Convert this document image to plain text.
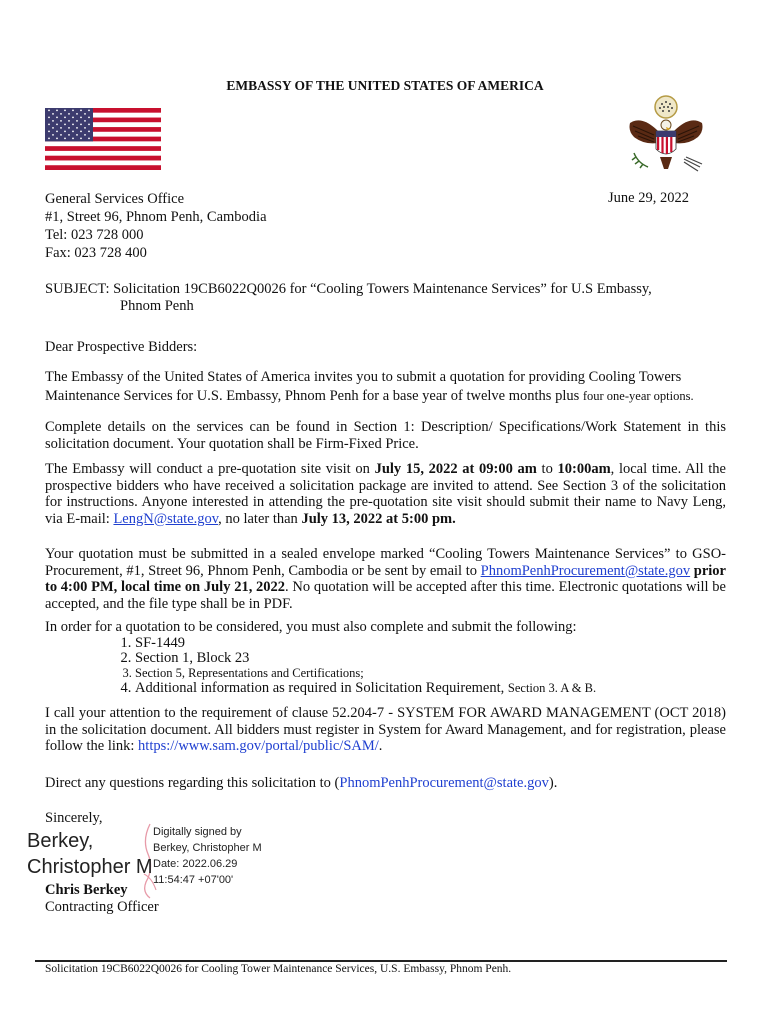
EMBASSY OF THE UNITED STATES OF AMERICA
General Services Office
#1, Street 96, Phnom Penh, Cambodia
Tel: 023 728 000
Fax: 023 728 400
June 29, 2022
SUBJECT: Solicitation 19CB6022Q0026 for “Cooling Towers Maintenance Services” for U.S Embassy,
Phnom Penh
Dear Prospective Bidders:
The Embassy of the United States of America invites you to submit a quotation for providing Cooling Towers Maintenance Services for U.S. Embassy, Phnom Penh for a base year of twelve months plus four one-year options.
Complete details on the services can be found in Section 1: Description/ Specifications/Work Statement in this solicitation document. Your quotation shall be Firm-Fixed Price.
The Embassy will conduct a pre-quotation site visit on July 15, 2022 at 09:00 am to 10:00am, local time. All the prospective bidders who have received a solicitation package are invited to attend. See Section 3 of the solicitation for instructions. Anyone interested in attending the pre-quotation site visit should submit their name to Navy Leng, via E-mail: LengN@state.gov, no later than July 13, 2022 at 5:00 pm.
Your quotation must be submitted in a sealed envelope marked “Cooling Towers Maintenance Services” to GSO-Procurement, #1, Street 96, Phnom Penh, Cambodia or be sent by email to PhnomPenhProcurement@state.gov prior to 4:00 PM, local time on July 21, 2022. No quotation will be accepted after this time. Electronic quotations will be accepted, and the file type shall be in PDF.
In order for a quotation to be considered, you must also complete and submit the following:
1. SF-1449
2. Section 1, Block 23
3. Section 5, Representations and Certifications;
4. Additional information as required in Solicitation Requirement, Section 3. A & B.
I call your attention to the requirement of clause 52.204-7 - SYSTEM FOR AWARD MANAGEMENT (OCT 2018) in the solicitation document. All bidders must register in System for Award Management, and for registration, please follow the link: https://www.sam.gov/portal/public/SAM/.
Direct any questions regarding this solicitation to (PhnomPenhProcurement@state.gov).
Sincerely,
Berkey,
Christopher M
Digitally signed by
Berkey, Christopher M
Date: 2022.06.29
11:54:47 +07'00'
Chris Berkey
Contracting Officer
Solicitation 19CB6022Q0026 for Cooling Tower Maintenance Services, U.S. Embassy, Phnom Penh.
